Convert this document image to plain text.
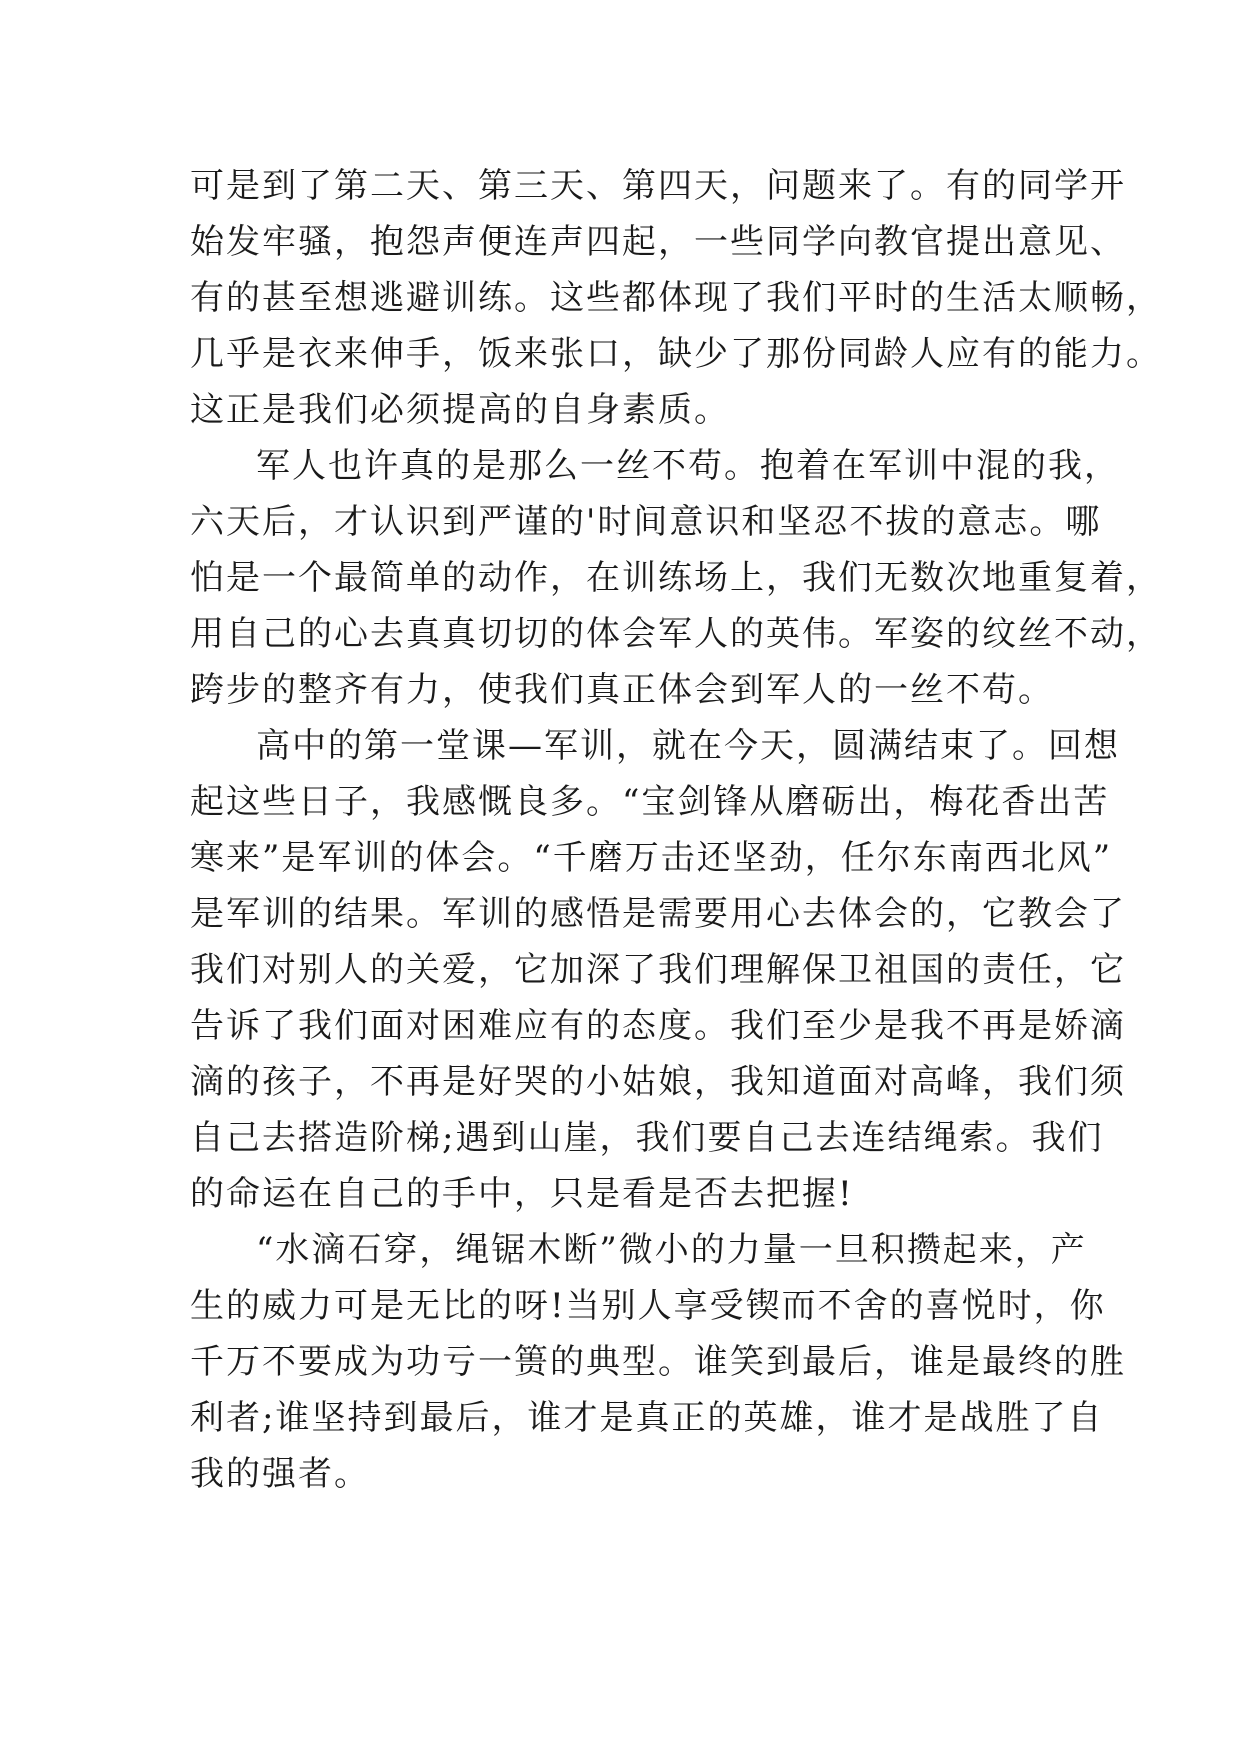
可是到了第二天、第三天、第四天，问题来了。有的同学开
始发牢骚，抱怨声便连声四起，一些同学向教官提出意见、
有的甚至想逃避训练。这些都体现了我们平时的生活太顺畅，
几乎是衣来伸手，饭来张口，缺少了那份同龄人应有的能力。
这正是我们必须提高的自身素质。
军人也许真的是那么一丝不苟。抱着在军训中混的我，
六天后，才认识到严谨的'时间意识和坚忍不拔的意志。哪
怕是一个最简单的动作，在训练场上，我们无数次地重复着，
用自己的心去真真切切的体会军人的英伟。军姿的纹丝不动，
跨步的整齐有力，使我们真正体会到军人的一丝不苟。
高中的第一堂课—军训，就在今天，圆满结束了。回想
起这些日子，我感慨良多。“宝剑锋从磨砺出，梅花香出苦
寒来”是军训的体会。“千磨万击还坚劲，任尔东南西北风”
是军训的结果。军训的感悟是需要用心去体会的，它教会了
我们对别人的关爱，它加深了我们理解保卫祖国的责任，它
告诉了我们面对困难应有的态度。我们至少是我不再是娇滴
滴的孩子，不再是好哭的小姑娘，我知道面对高峰，我们须
自己去搭造阶梯;遇到山崖，我们要自己去连结绳索。我们
的命运在自己的手中，只是看是否去把握!
“水滴石穿，绳锯木断”微小的力量一旦积攒起来，产
生的威力可是无比的呀!当别人享受锲而不舍的喜悦时，你
千万不要成为功亏一篑的典型。谁笑到最后，谁是最终的胜
利者;谁坚持到最后，谁才是真正的英雄，谁才是战胜了自
我的强者。
